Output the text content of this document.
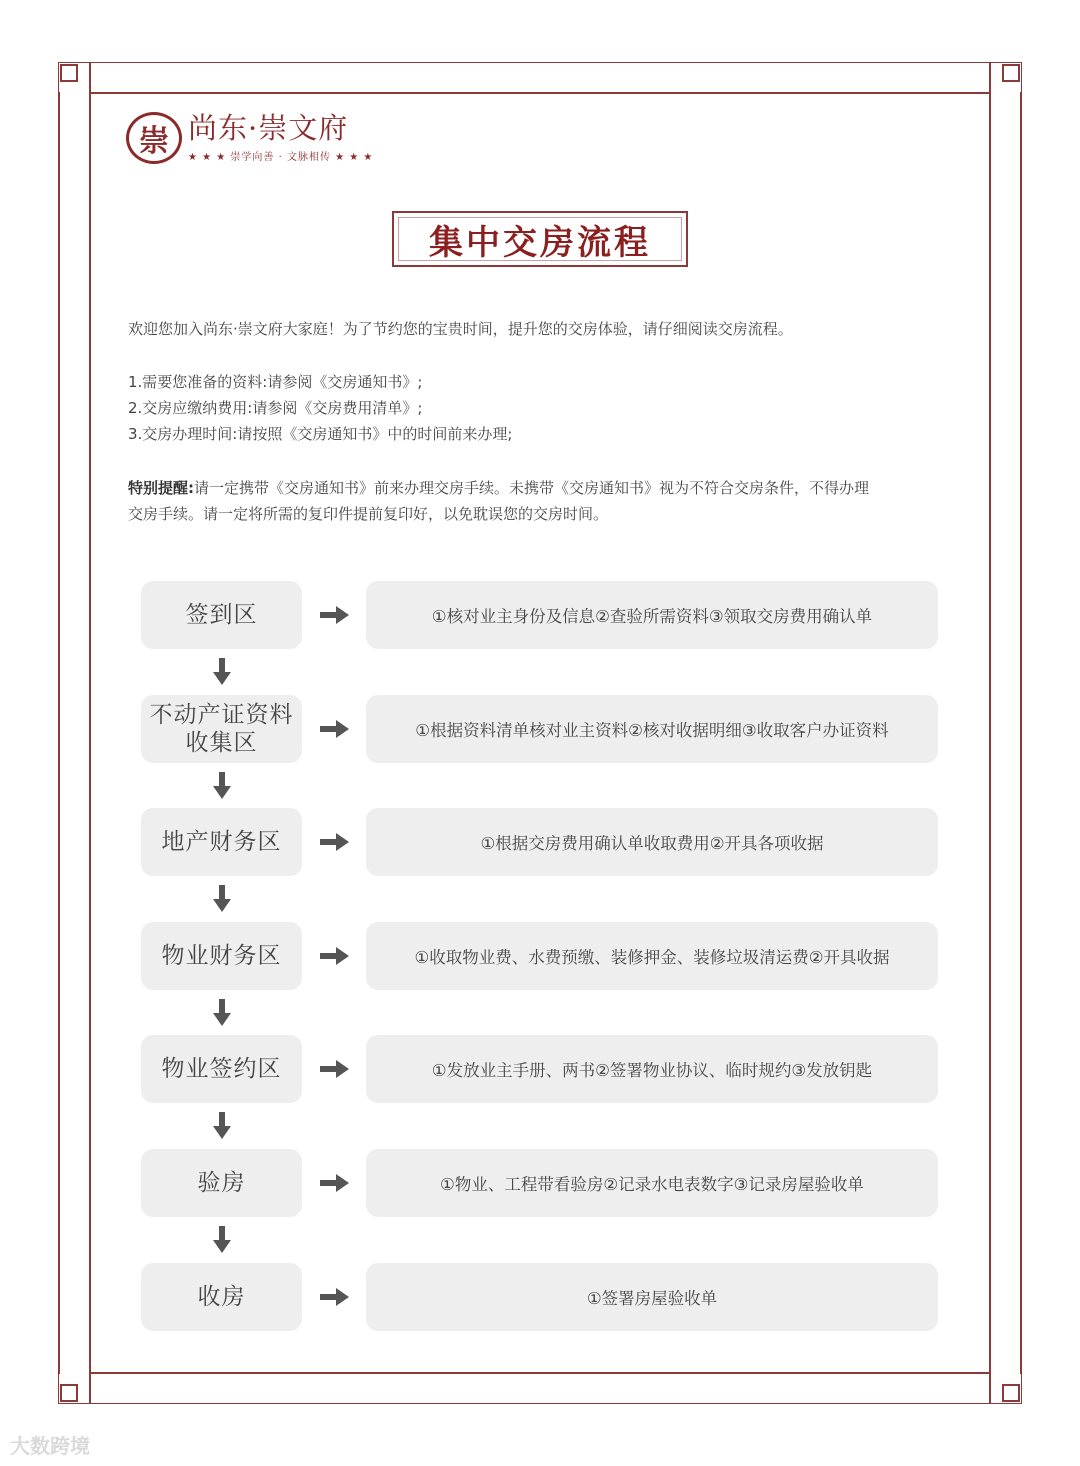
崇 尚东·崇文府
★ ★ ★ 崇学向善 · 文脉相传 ★ ★ ★
集中交房流程
欢迎您加入尚东·崇文府大家庭！为了节约您的宝贵时间，提升您的交房体验，请仔细阅读交房流程。
1.需要您准备的资料:请参阅《交房通知书》;
2.交房应缴纳费用:请参阅《交房费用清单》;
3.交房办理时间:请按照《交房通知书》中的时间前来办理;
特别提醒:请一定携带《交房通知书》前来办理交房手续。未携带《交房通知书》视为不符合交房条件，不得办理
交房手续。请一定将所需的复印件提前复印好，以免耽误您的交房时间。
签到区	①核对业主身份及信息②查验所需资料③领取交房费用确认单
不动产证资料
收集区	①根据资料清单核对业主资料②核对收据明细③收取客户办证资料
地产财务区	①根据交房费用确认单收取费用②开具各项收据
物业财务区	①收取物业费、水费预缴、装修押金、装修垃圾清运费②开具收据
物业签约区	①发放业主手册、两书②签署物业协议、临时规约③发放钥匙
验房	①物业、工程带看验房②记录水电表数字③记录房屋验收单
收房	①签署房屋验收单
大数跨境
